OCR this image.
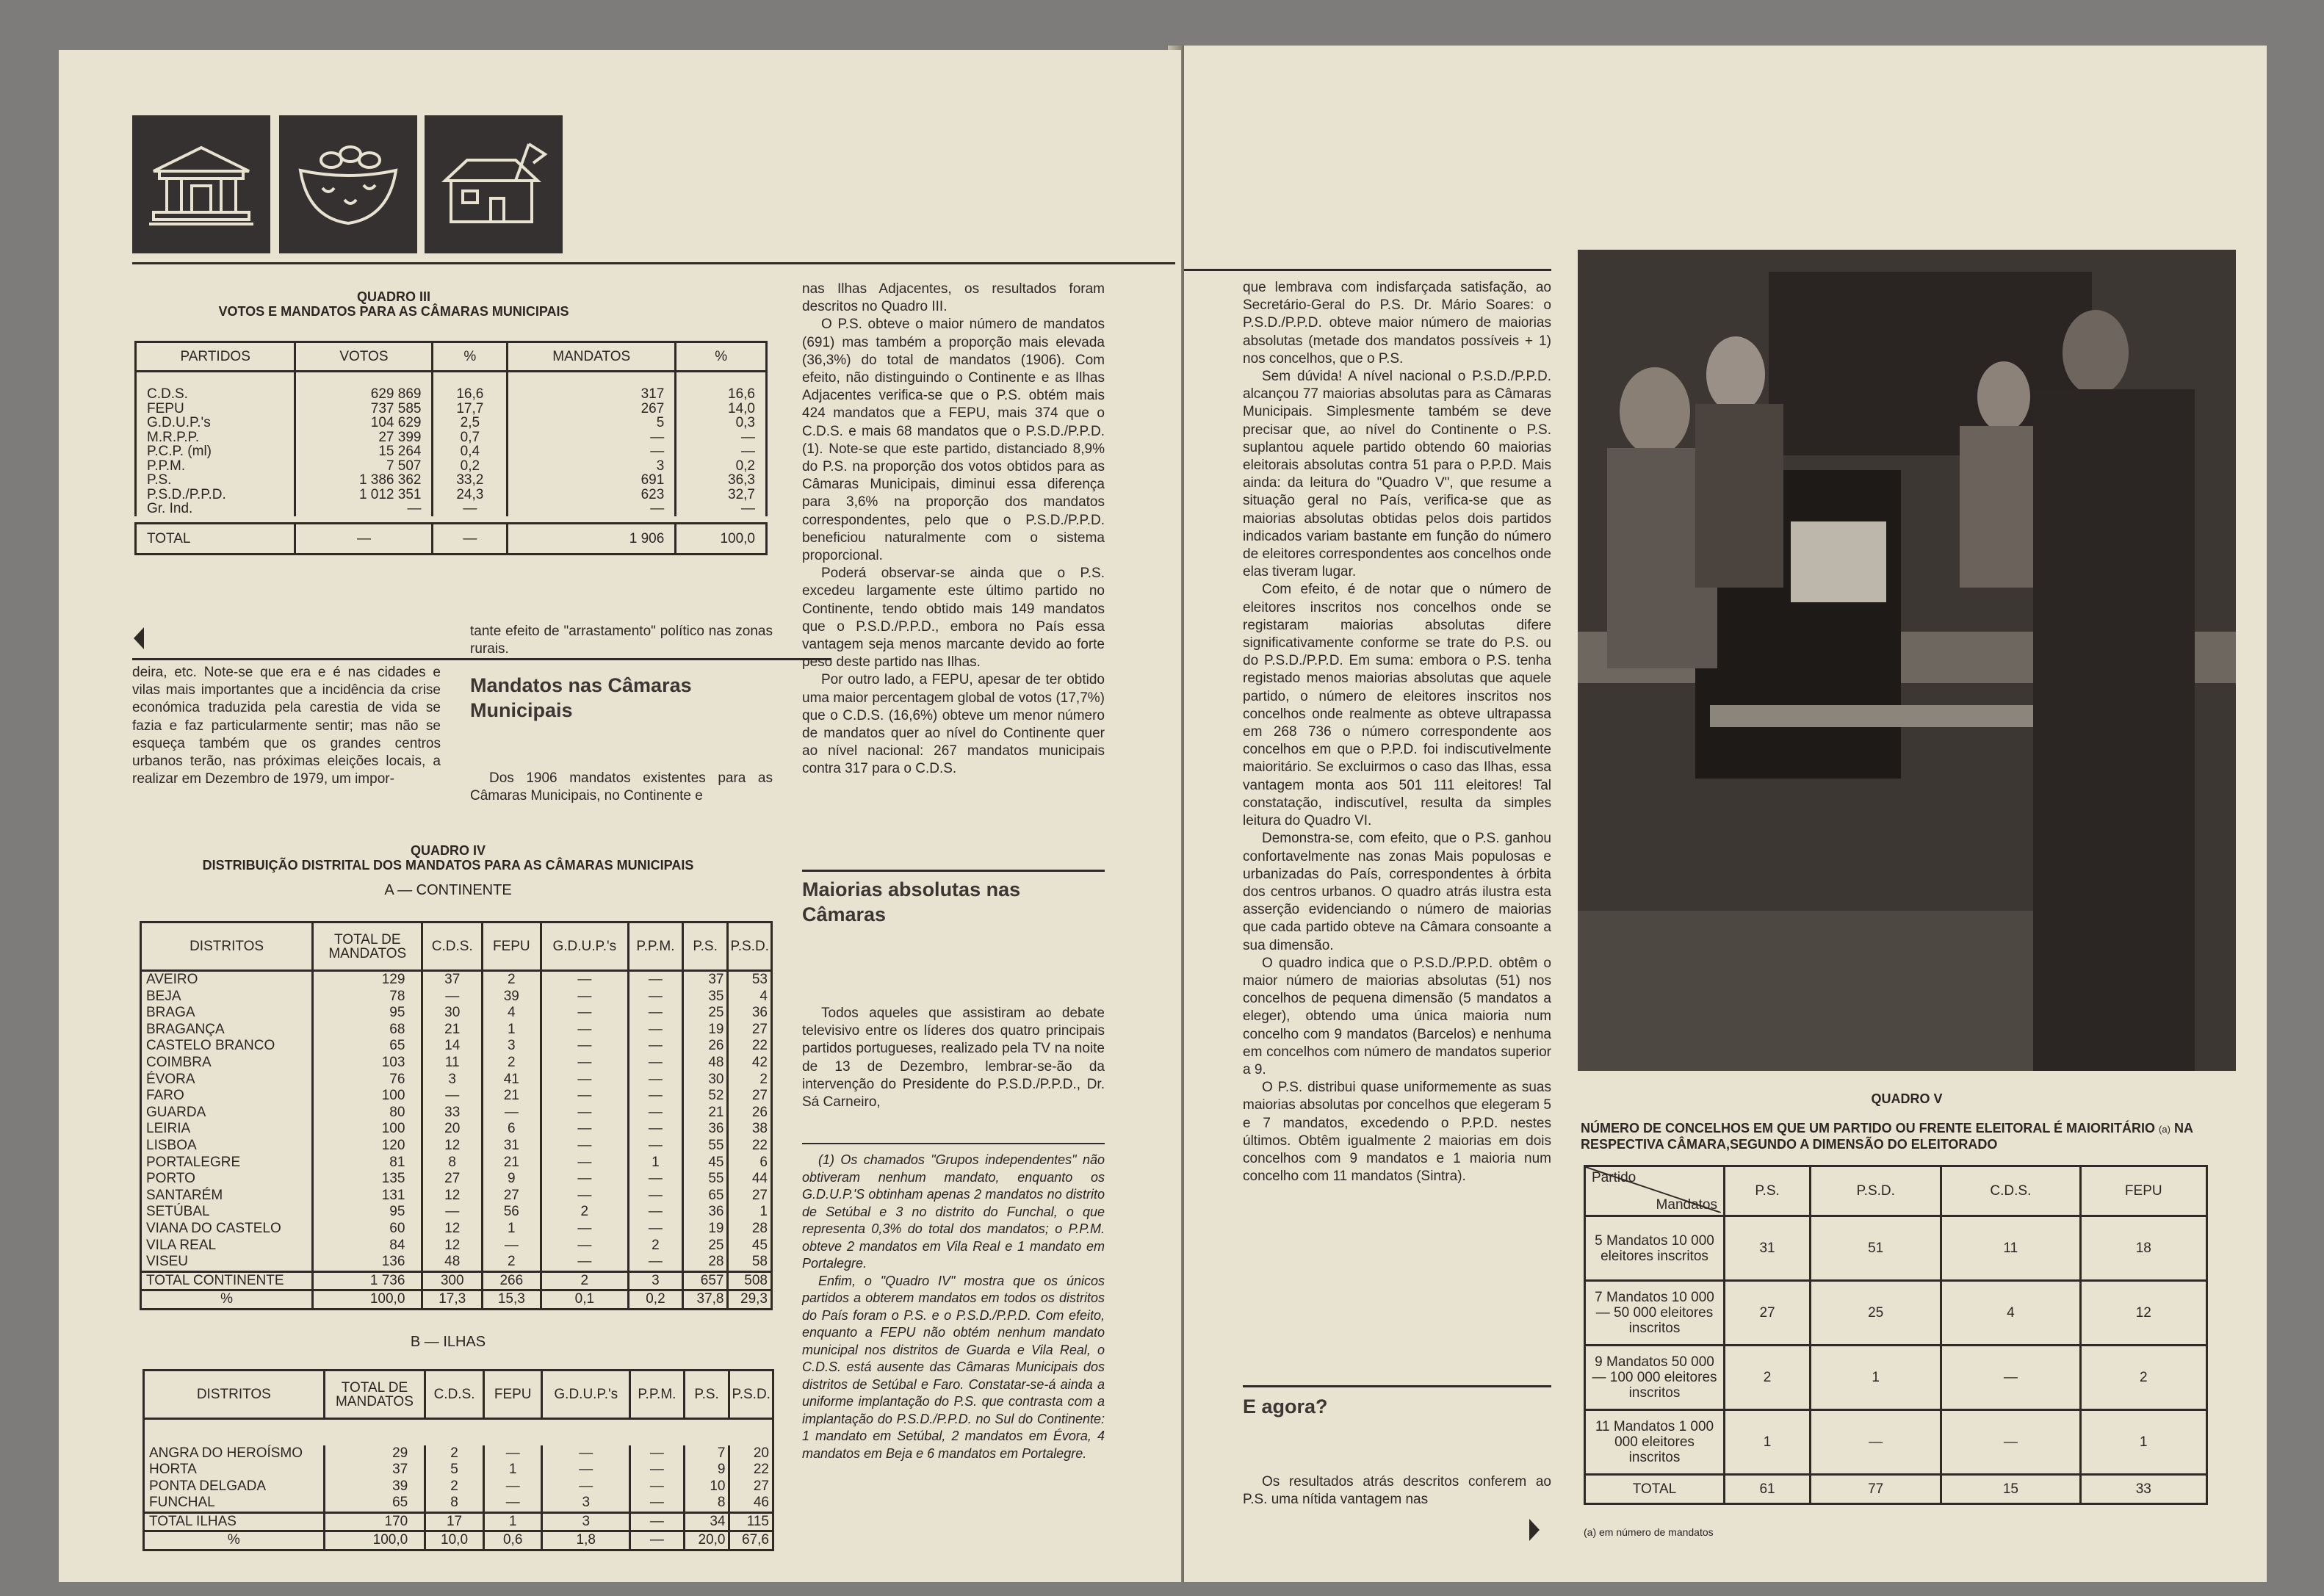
QUADRO III
VOTOS E MANDATOS PARA AS CÂMARAS MUNICIPAIS
PARTIDOS	VOTOS	%	MANDATOS	%
C.D.S.	629 869	16,6	317	16,6
FEPU	737 585	17,7	267	14,0
G.D.U.P.'s	104 629	2,5	5	0,3
M.R.P.P.	27 399	0,7	—	—
P.C.P. (ml)	15 264	0,4	—	—
P.P.M.	7 507	0,2	3	0,2
P.S.	1 386 362	33,2	691	36,3
P.S.D./P.P.D.	1 012 351	24,3	623	32,7
Gr. Ind.	—	—	—	—

TOTAL	—	—	1 906	100,0

deira, etc. Note-se que era e é nas cidades e vilas mais importantes que a incidência da crise económica traduzida pela carestia de vida se fazia e faz particularmente sentir; mas não se esqueça também que os grandes centros urbanos terão, nas próximas eleições locais, a realizar em Dezembro de 1979, um impor-

tante efeito de "arrastamento" político nas zonas rurais.

Mandatos nas Câmaras Municipais

Dos 1906 mandatos existentes para as Câmaras Municipais, no Continente e

QUADRO IV
DISTRIBUIÇÃO DISTRITAL DOS MANDATOS PARA AS CÂMARAS MUNICIPAIS
A — CONTINENTE
DISTRITOS	TOTAL DE MANDATOS	C.D.S.	FEPU	G.D.U.P.'s	P.P.M.	P.S.	P.S.D.
AVEIRO	129	37	2	—	—	37	53
BEJA	78	—	39	—	—	35	4
BRAGA	95	30	4	—	—	25	36
BRAGANÇA	68	21	1	—	—	19	27
CASTELO BRANCO	65	14	3	—	—	26	22
COIMBRA	103	11	2	—	—	48	42
ÉVORA	76	3	41	—	—	30	2
FARO	100	—	21	—	—	52	27
GUARDA	80	33	—	—	—	21	26
LEIRIA	100	20	6	—	—	36	38
LISBOA	120	12	31	—	—	55	22
PORTALEGRE	81	8	21	—	1	45	6
PORTO	135	27	9	—	—	55	44
SANTARÉM	131	12	27	—	—	65	27
SETÚBAL	95	—	56	2	—	36	1
VIANA DO CASTELO	60	12	1	—	—	19	28
VILA REAL	84	12	—	—	2	25	45
VISEU	136	48	2	—	—	28	58
TOTAL CONTINENTE	1 736	300	266	2	3	657	508
%	100,0	17,3	15,3	0,1	0,2	37,8	29,3
B — ILHAS
DISTRITOS	TOTAL DE MANDATOS	C.D.S.	FEPU	G.D.U.P.'s	P.P.M.	P.S.	P.S.D.

ANGRA DO HEROÍSMO	29	2	—	—	—	7	20
HORTA	37	5	1	—	—	9	22
PONTA DELGADA	39	2	—	—	—	10	27
FUNCHAL	65	8	—	3	—	8	46
TOTAL ILHAS	170	17	1	3	—	34	115
%	100,0	10,0	0,6	1,8	—	20,0	67,6

nas Ilhas Adjacentes, os resultados foram descritos no Quadro III.

O P.S. obteve o maior número de mandatos (691) mas também a proporção mais elevada (36,3%) do total de mandatos (1906). Com efeito, não distinguindo o Continente e as Ilhas Adjacentes verifica-se que o P.S. obtém mais 424 mandatos que a FEPU, mais 374 que o C.D.S. e mais 68 mandatos que o P.S.D./P.P.D. (1). Note-se que este partido, distanciado 8,9% do P.S. na proporção dos votos obtidos para as Câmaras Municipais, diminui essa diferença para 3,6% na proporção dos mandatos correspondentes, pelo que o P.S.D./P.P.D. beneficiou naturalmente com o sistema proporcional.

Poderá observar-se ainda que o P.S. excedeu largamente este último partido no Continente, tendo obtido mais 149 mandatos que o P.S.D./P.P.D., embora no País essa vantagem seja menos marcante devido ao forte peso deste partido nas Ilhas.

Por outro lado, a FEPU, apesar de ter obtido uma maior percentagem global de votos (17,7%) que o C.D.S. (16,6%) obteve um menor número de mandatos quer ao nível do Continente quer ao nível nacional: 267 mandatos municipais contra 317 para o C.D.S.

Maiorias absolutas nas Câmaras

Todos aqueles que assistiram ao debate televisivo entre os líderes dos quatro principais partidos portugueses, realizado pela TV na noite de 13 de Dezembro, lembrar-se-ão da intervenção do Presidente do P.S.D./P.P.D., Dr. Sá Carneiro,

(1) Os chamados "Grupos independentes" não obtiveram nenhum mandato, enquanto os G.D.U.P.'S obtinham apenas 2 mandatos no distrito de Setúbal e 3 no distrito do Funchal, o que representa 0,3% do total dos mandatos; o P.P.M. obteve 2 mandatos em Vila Real e 1 mandato em Portalegre.

Enfim, o "Quadro IV" mostra que os únicos partidos a obterem mandatos em todos os distritos do País foram o P.S. e o P.S.D./P.P.D. Com efeito, enquanto a FEPU não obtém nenhum mandato municipal nos distritos de Guarda e Vila Real, o C.D.S. está ausente das Câmaras Municipais dos distritos de Setúbal e Faro. Constatar-se-á ainda a uniforme implantação do P.S. que contrasta com a implantação do P.S.D./P.P.D. no Sul do Continente: 1 mandato em Setúbal, 2 mandatos em Évora, 4 mandatos em Beja e 6 mandatos em Portalegre.

que lembrava com indisfarçada satisfação, ao Secretário-Geral do P.S. Dr. Mário Soares: o P.S.D./P.P.D. obteve maior número de maiorias absolutas (metade dos mandatos possíveis + 1) nos concelhos, que o P.S.

Sem dúvida! A nível nacional o P.S.D./P.P.D. alcançou 77 maiorias absolutas para as Câmaras Municipais. Simplesmente também se deve precisar que, ao nível do Continente o P.S. suplantou aquele partido obtendo 60 maiorias eleitorais absolutas contra 51 para o P.P.D. Mais ainda: da leitura do "Quadro V", que resume a situação geral no País, verifica-se que as maiorias absolutas obtidas pelos dois partidos indicados variam bastante em função do número de eleitores correspondentes aos concelhos onde elas tiveram lugar.

Com efeito, é de notar que o número de eleitores inscritos nos concelhos onde se registaram maiorias absolutas difere significativamente conforme se trate do P.S. ou do P.S.D./P.P.D. Em suma: embora o P.S. tenha registado menos maiorias absolutas que aquele partido, o número de eleitores inscritos nos concelhos onde realmente as obteve ultrapassa em 268 736 o número correspondente aos concelhos em que o P.P.D. foi indiscutivelmente maioritário. Se excluirmos o caso das Ilhas, essa vantagem monta aos 501 111 eleitores! Tal constatação, indiscutível, resulta da simples leitura do Quadro VI.

Demonstra-se, com efeito, que o P.S. ganhou confortavelmente nas zonas Mais populosas e urbanizadas do País, correspondentes à órbita dos centros urbanos. O quadro atrás ilustra esta asserção evidenciando o número de maiorias que cada partido obteve na Câmara consoante a sua dimensão.

O quadro indica que o P.S.D./P.P.D. obtêm o maior número de maiorias absolutas (51) nos concelhos de pequena dimensão (5 mandatos a eleger), obtendo uma única maioria num concelho com 9 mandatos (Barcelos) e nenhuma em concelhos com número de mandatos superior a 9.

O P.S. distribui quase uniformemente as suas maiorias absolutas por concelhos que elegeram 5 e 7 mandatos, excedendo o P.P.D. nestes últimos. Obtêm igualmente 2 maiorias em dois concelhos com 9 mandatos e 1 maioria num concelho com 11 mandatos (Sintra).

E agora?

Os resultados atrás descritos conferem ao P.S. uma nítida vantagem nas

QUADRO V
NÚMERO DE CONCELHOS EM QUE UM PARTIDO OU FRENTE ELEITORAL É MAIORITÁRIO (a) NA RESPECTIVA CÂMARA,SEGUNDO A DIMENSÃO DO ELEITORADO
Partido
Mandatos	P.S.	P.S.D.	C.D.S.	FEPU
5 Mandatos 10 000 eleitores inscritos	31	51	11	18
7 Mandatos 10 000 — 50 000 eleitores inscritos	27	25	4	12
9 Mandatos 50 000 — 100 000 eleitores inscritos	2	1	—	2
11 Mandatos 1 000 000 eleitores inscritos	1	—	—	1
TOTAL	61	77	15	33
(a) em número de mandatos
